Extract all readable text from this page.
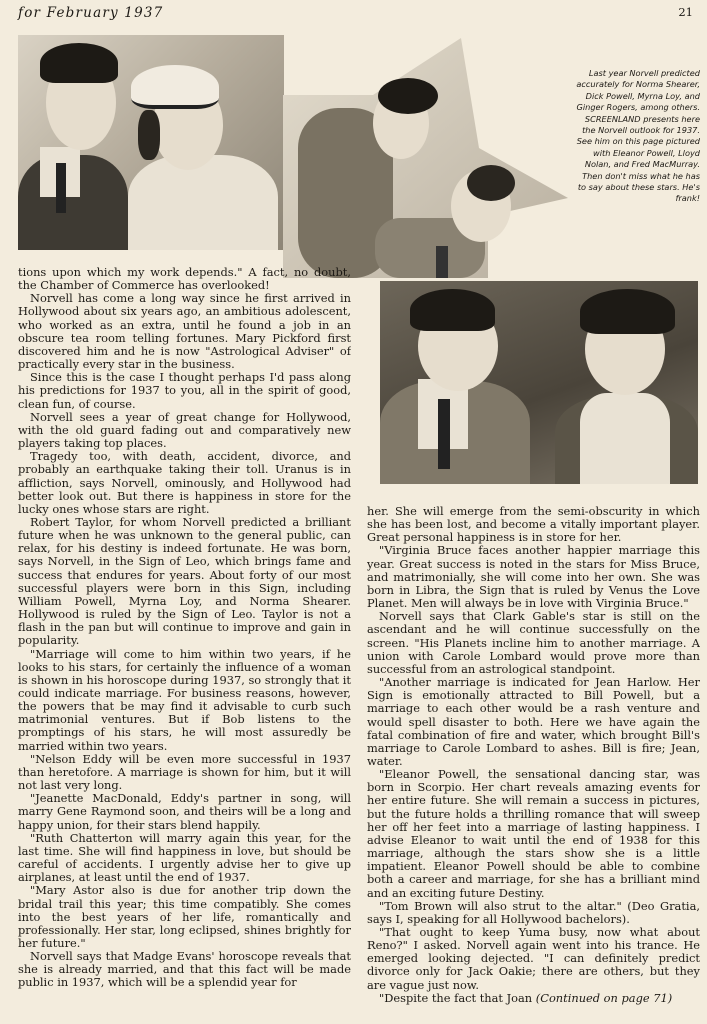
for February 1937	21
Last year Norvell predicted accurately for Norma Shearer, Dick Powell, Myrna Loy, and Ginger Rogers, among others. SCREENLAND presents here the Norvell outlook for 1937. See him on this page pictured with Eleanor Powell, Lloyd Nolan, and Fred MacMurray. Then don't miss what he has to say about these stars. He's frank!

tions upon which my work depends." A fact, no doubt, the Chamber of Commerce has overlooked!

Norvell has come a long way since he first arrived in Hollywood about six years ago, an ambitious adolescent, who worked as an extra, until he found a job in an obscure tea room telling fortunes. Mary Pickford first discovered him and he is now "Astrological Adviser" of practically every star in the business.

Since this is the case I thought perhaps I'd pass along his predictions for 1937 to you, all in the spirit of good, clean fun, of course.

Norvell sees a year of great change for Hollywood, with the old guard fading out and comparatively new players taking top places.

Tragedy too, with death, accident, divorce, and probably an earthquake taking their toll. Uranus is in affliction, says Norvell, ominously, and Hollywood had better look out. But there is happiness in store for the lucky ones whose stars are right.

Robert Taylor, for whom Norvell predicted a brilliant future when he was unknown to the general public, can relax, for his destiny is indeed fortunate. He was born, says Norvell, in the Sign of Leo, which brings fame and success that endures for years. About forty of our most successful players were born in this Sign, including William Powell, Myrna Loy, and Norma Shearer. Hollywood is ruled by the Sign of Leo. Taylor is not a flash in the pan but will continue to improve and gain in popularity.

"Marriage will come to him within two years, if he looks to his stars, for certainly the influence of a woman is shown in his horoscope during 1937, so strongly that it could indicate marriage. For business reasons, however, the powers that be may find it advisable to curb such matrimonial ventures. But if Bob listens to the promptings of his stars, he will most assuredly be married within two years.

"Nelson Eddy will be even more successful in 1937 than heretofore. A marriage is shown for him, but it will not last very long.

"Jeanette MacDonald, Eddy's partner in song, will marry Gene Raymond soon, and theirs will be a long and happy union, for their stars blend happily.

"Ruth Chatterton will marry again this year, for the last time. She will find happiness in love, but should be careful of accidents. I urgently advise her to give up airplanes, at least until the end of 1937.

"Mary Astor also is due for another trip down the bridal trail this year; this time compatibly. She comes into the best years of her life, romantically and professionally. Her star, long eclipsed, shines brightly for her future."

Norvell says that Madge Evans' horoscope reveals that she is already married, and that this fact will be made public in 1937, which will be a splendid year for

her. She will emerge from the semi-obscurity in which she has been lost, and become a vitally important player. Great personal happiness is in store for her.

"Virginia Bruce faces another happier marriage this year. Great success is noted in the stars for Miss Bruce, and matrimonially, she will come into her own. She was born in Libra, the Sign that is ruled by Venus the Love Planet. Men will always be in love with Virginia Bruce."

Norvell says that Clark Gable's star is still on the ascendant and he will continue successfully on the screen. "His Planets incline him to another marriage. A union with Carole Lombard would prove more than successful from an astrological standpoint.

"Another marriage is indicated for Jean Harlow. Her Sign is emotionally attracted to Bill Powell, but a marriage to each other would be a rash venture and would spell disaster to both. Here we have again the fatal combination of fire and water, which brought Bill's marriage to Carole Lombard to ashes. Bill is fire; Jean, water.

"Eleanor Powell, the sensational dancing star, was born in Scorpio. Her chart reveals amazing events for her entire future. She will remain a success in pictures, but the future holds a thrilling romance that will sweep her off her feet into a marriage of lasting happiness. I advise Eleanor to wait until the end of 1938 for this marriage, although the stars show she is a little impatient. Eleanor Powell should be able to combine both a career and marriage, for she has a brilliant mind and an exciting future Destiny.

"Tom Brown will also strut to the altar." (Deo Gratia, says I, speaking for all Hollywood bachelors).

"That ought to keep Yuma busy, now what about Reno?" I asked. Norvell again went into his trance. He emerged looking dejected. "I can definitely predict divorce only for Jack Oakie; there are others, but they are vague just now.

"Despite the fact that Joan (Continued on page 71)
